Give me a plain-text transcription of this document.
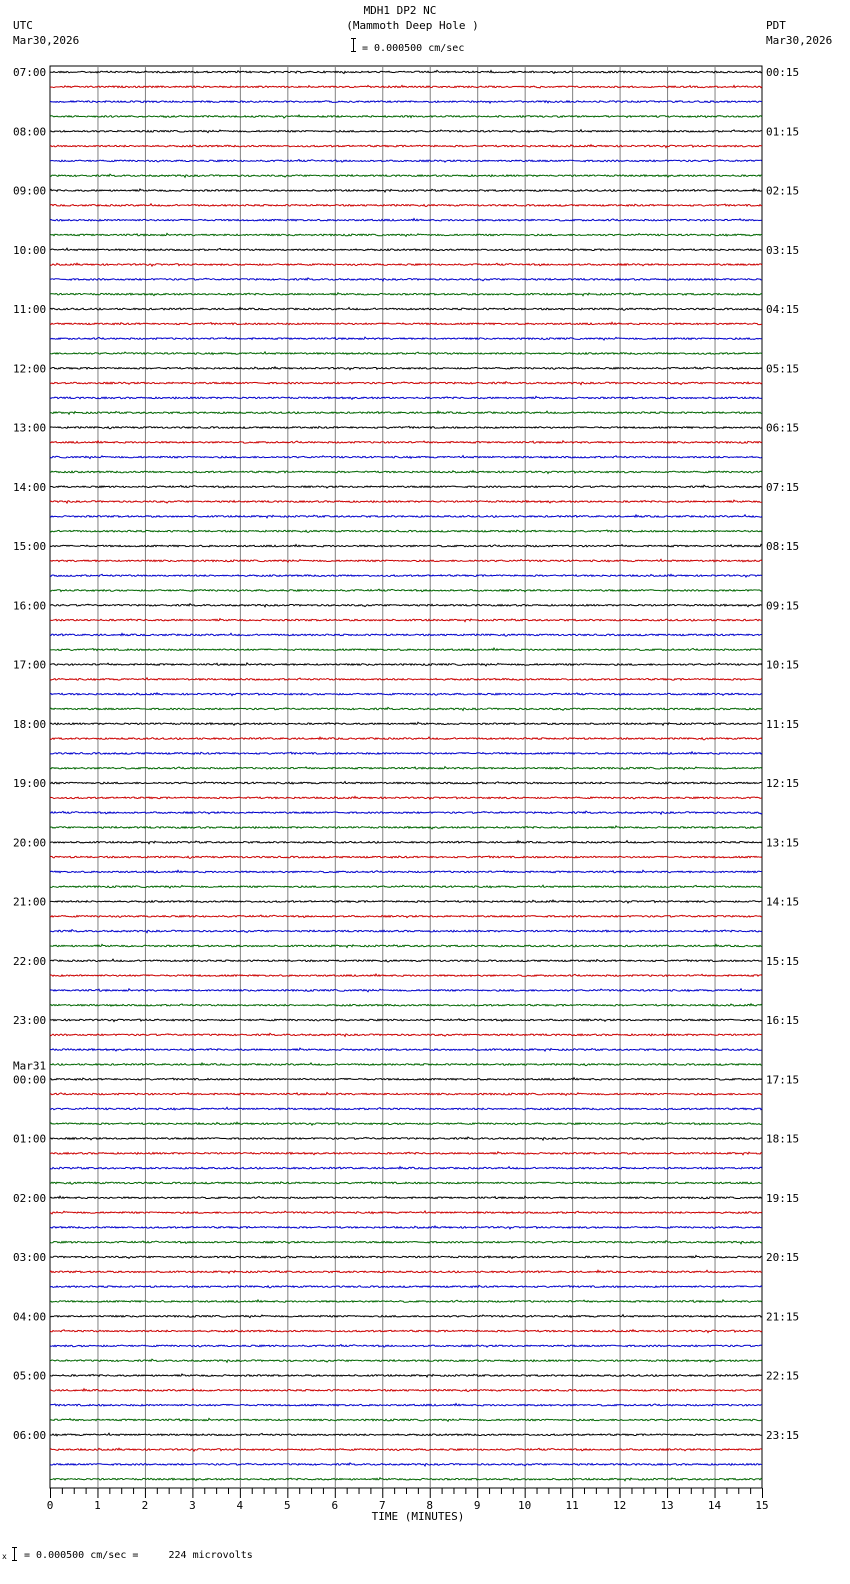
MDH1 DP2 NC
(Mammoth Deep Hole )
= 0.000500 cm/sec
UTC
Mar30,2026
PDT
Mar30,2026
07:00	00:15
08:00	01:15
09:00	02:15
10:00	03:15
11:00	04:15
12:00	05:15
13:00	06:15
14:00	07:15
15:00	08:15
16:00	09:15
17:00	10:15
18:00	11:15
19:00	12:15
20:00	13:15
21:00	14:15
22:00	15:15
23:00	16:15
00:00	17:15
Mar31
01:00	18:15
02:00	19:15
03:00	20:15
04:00	21:15
05:00	22:15
06:00	23:15
0	1	2	3	4	5	6	7	8	9	10	11	12	13	14	15
TIME (MINUTES)
x = 0.000500 cm/sec =     224 microvolts
